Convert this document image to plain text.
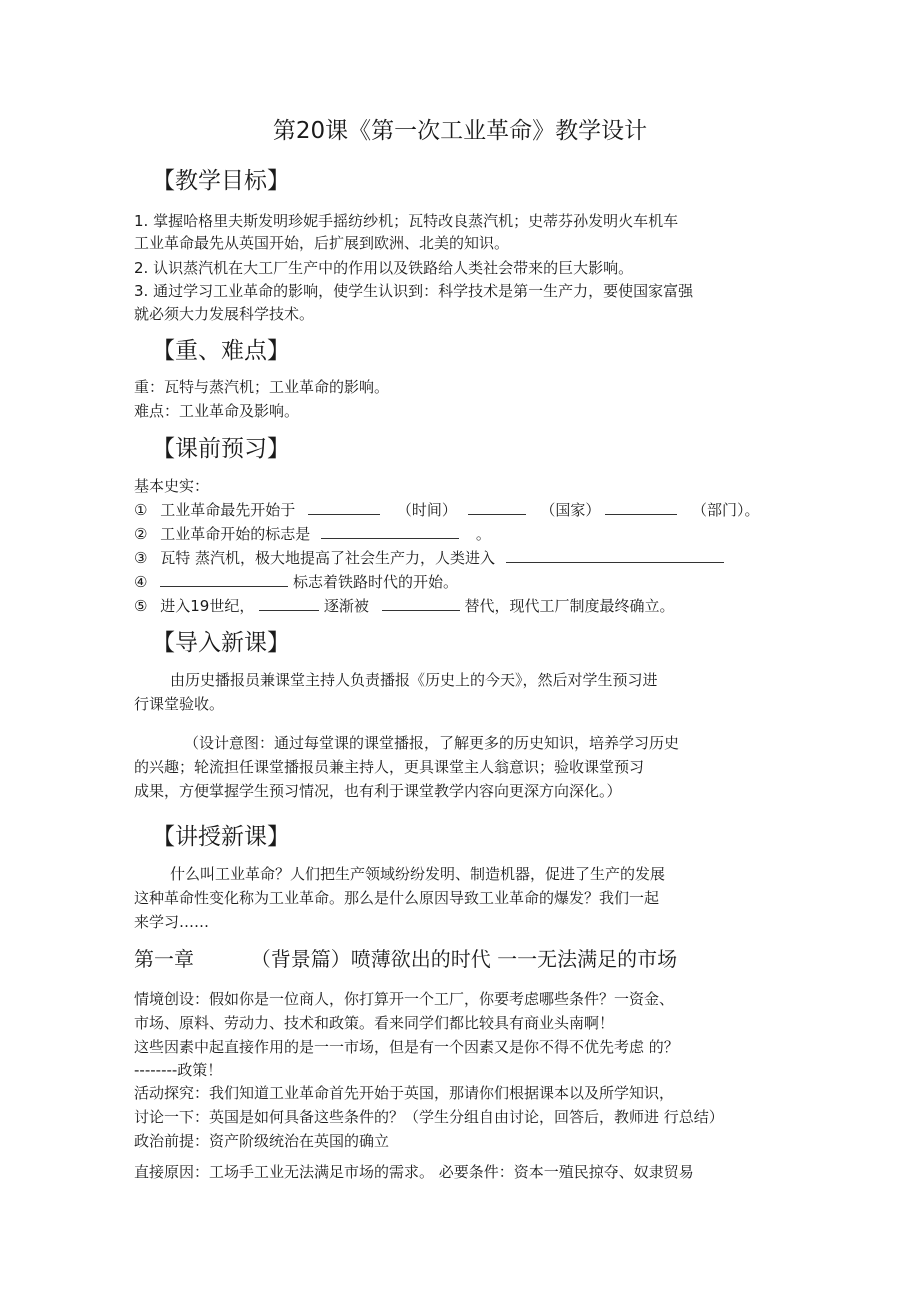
第20课《第一次工业革命》教学设计
【教学目标】
1. 掌握哈格里夫斯发明珍妮手摇纺纱机；瓦特改良蒸汽机；史蒂芬孙发明火车机车
工业革命最先从英国开始，后扩展到欧洲、北美的知识。
2. 认识蒸汽机在大工厂生产中的作用以及铁路给人类社会带来的巨大影响。
3. 通过学习工业革命的影响，使学生认识到：科学技术是第一生产力，要使国家富强
就必须大力发展科学技术。
【重、难点】
重：瓦特与蒸汽机；工业革命的影响。
难点：工业革命及影响。
【课前预习】
基本史实：
① 工业革命最先开始于	（时间）	（国家）	（部门）。
② 工业革命开始的标志是	。
③ 瓦特 蒸汽机，极大地提高了社会生产力，人类进入
④	标志着铁路时代的开始。
⑤ 进入19世纪，	逐渐被	替代，现代工厂制度最终确立。
【导入新课】
由历史播报员兼课堂主持人负责播报《历史上的今天》，然后对学生预习进
行课堂验收。
（设计意图：通过每堂课的课堂播报，了解更多的历史知识，培养学习历史
的兴趣；轮流担任课堂播报员兼主持人，更具课堂主人翁意识；验收课堂预习
成果，方便掌握学生预习情况，也有利于课堂教学内容向更深方向深化。）
【讲授新课】
什么叫工业革命？人们把生产领域纷纷发明、制造机器，促进了生产的发展
这种革命性变化称为工业革命。那么是什么原因导致工业革命的爆发？我们一起
来学习……
第一章	（背景篇）喷薄欲出的时代 一一无法满足的市场
情境创设：假如你是一位商人，你打算开一个工厂，你要考虑哪些条件？一资金、
市场、原料、劳动力、技术和政策。看来同学们都比较具有商业头南啊！
这些因素中起直接作用的是一一市场，但是有一个因素又是你不得不优先考虑 的？
--------政策！
活动探究：我们知道工业革命首先开始于英国，那请你们根据课本以及所学知识，
讨论一下：英国是如何具备这些条件的？（学生分组自由讨论，回答后，教师进 行总结）
政治前提：资产阶级统治在英国的确立
直接原因：工场手工业无法满足市场的需求。 必要条件：资本一殖民掠夺、奴隶贸易
